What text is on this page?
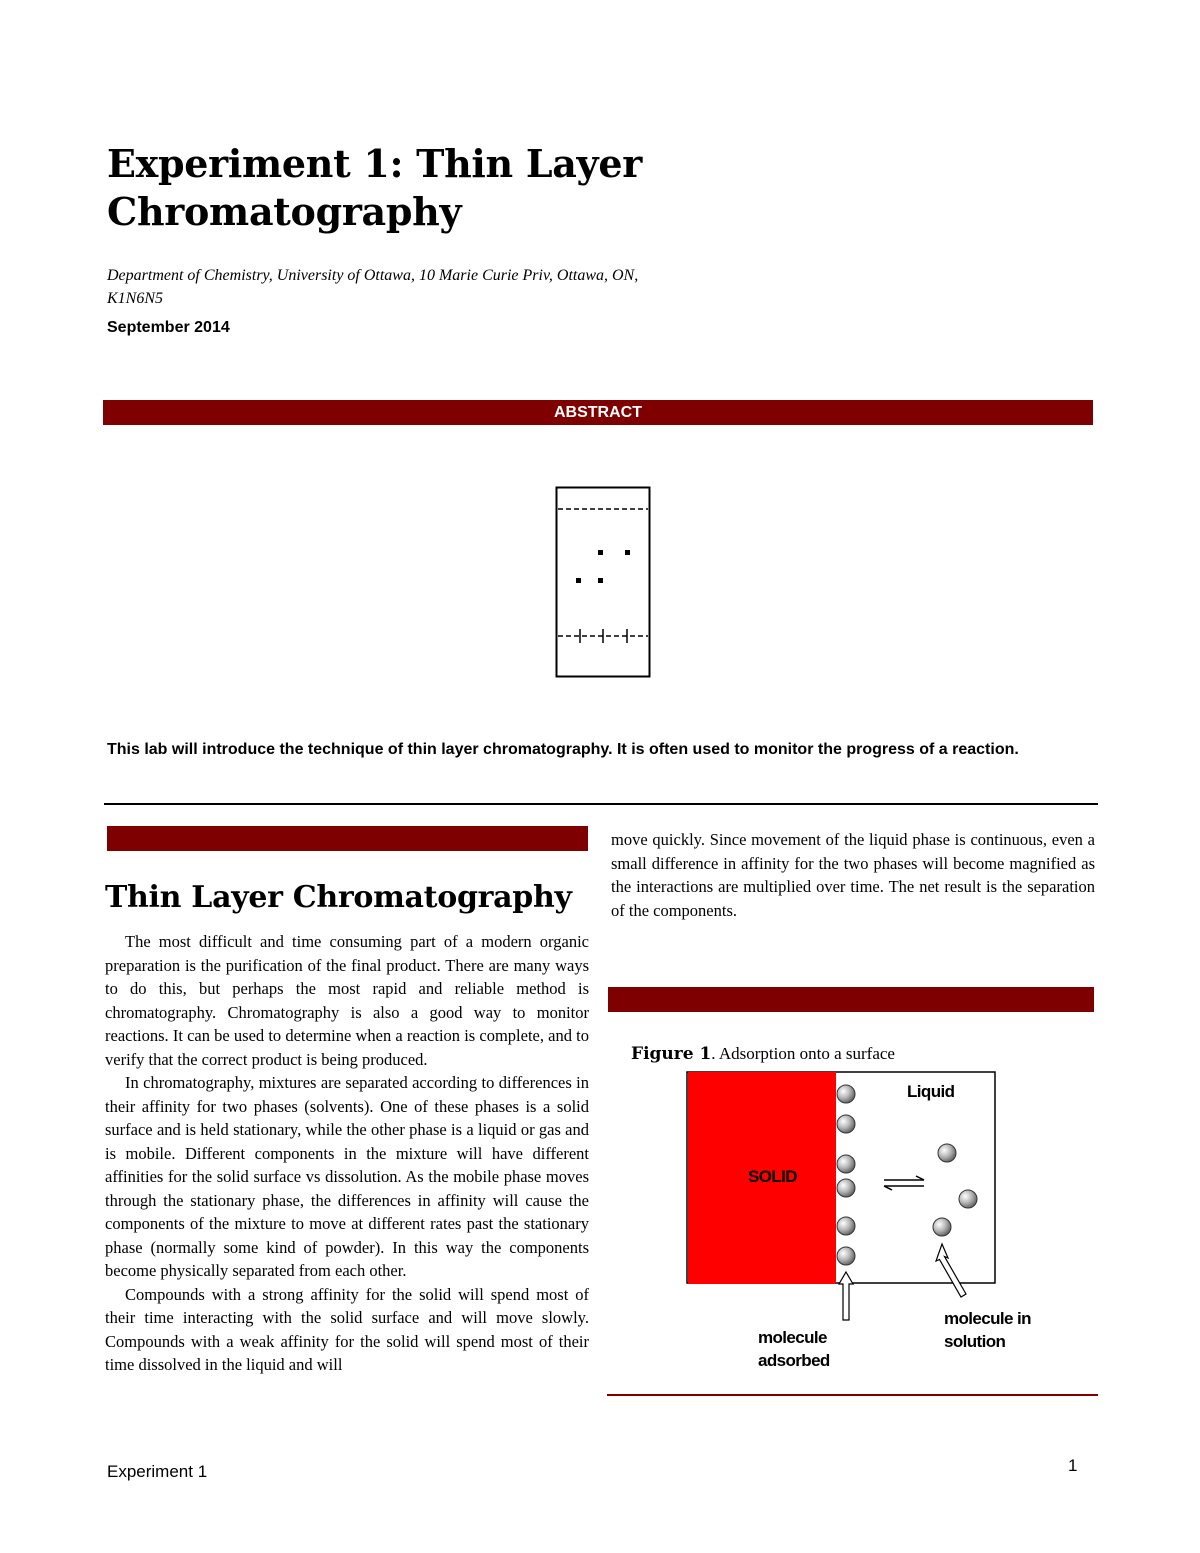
Experiment 1: Thin Layer
Chromatography
Department of Chemistry, University of Ottawa, 10 Marie Curie Priv, Ottawa, ON,
K1N6N5
September 2014
ABSTRACT
This lab will introduce the technique of thin layer chromatography. It is often used to monitor the progress of a reaction.
Thin Layer Chromatography

The most difficult and time consuming part of a modern organic preparation is the purification of the final product. There are many ways to do this, but perhaps the most rapid and reliable method is chromatography. Chromatography is also a good way to monitor reactions. It can be used to determine when a reaction is complete, and to verify that the correct product is being produced.

In chromatography, mixtures are separated according to differences in their affinity for two phases (solvents). One of these phases is a solid surface and is held stationary, while the other phase is a liquid or gas and is mobile. Different components in the mixture will have different affinities for the solid surface vs dissolution. As the mobile phase moves through the stationary phase, the differences in affinity will cause the components of the mixture to move at different rates past the stationary phase (normally some kind of powder). In this way the components become physically separated from each other.

Compounds with a strong affinity for the solid will spend most of their time interacting with the solid surface and will move slowly. Compounds with a weak affinity for the solid will spend most of their time dissolved in the liquid and will

move quickly. Since movement of the liquid phase is continuous, even a small difference in affinity for the two phases will become magnified as the interactions are multiplied over time. The net result is the separation of the components.

Figure 1. Adsorption onto a surface
SOLID
Liquid
molecule
adsorbed
molecule in
solution
Experiment 1	1
